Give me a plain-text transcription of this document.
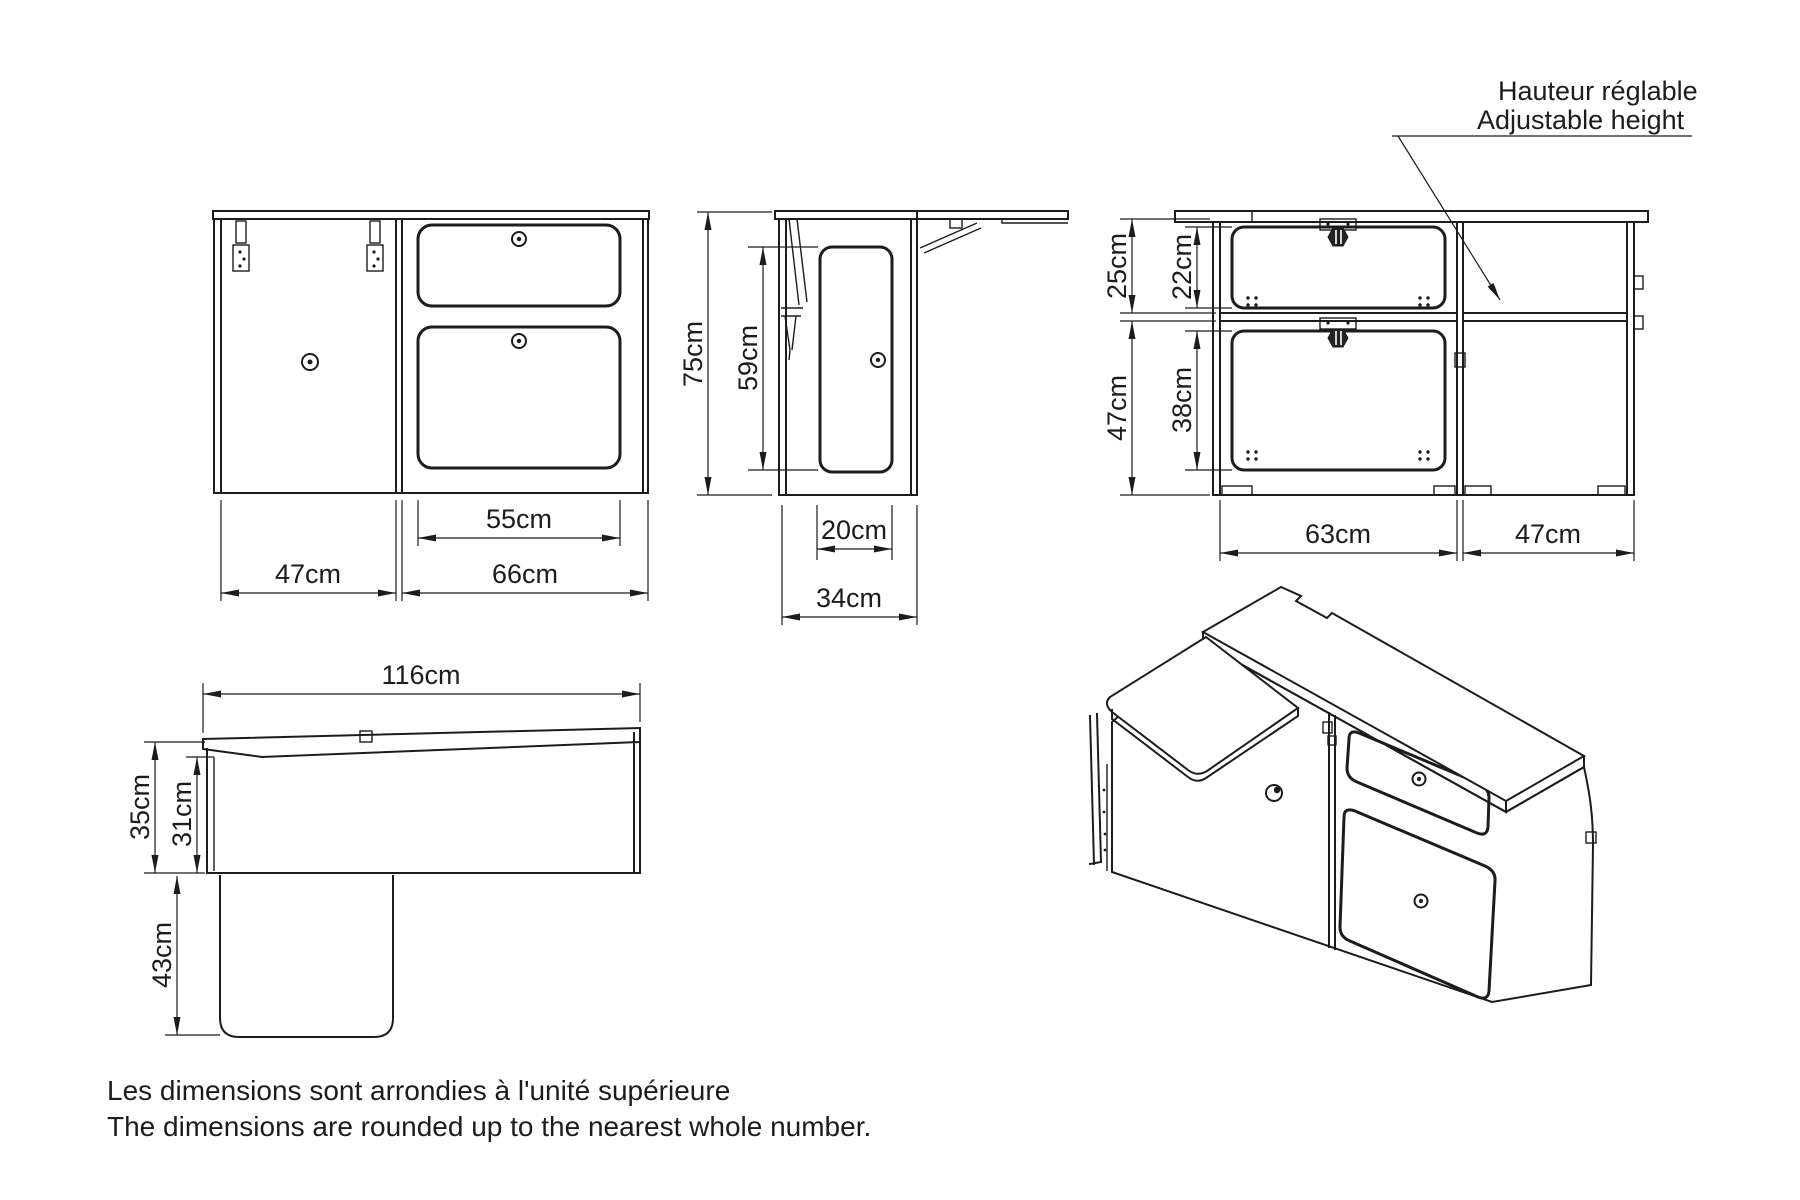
55cm
47cm	66cm
75cm 59cm
20cm
34cm
25cm 22cm
47cm 38cm
63cm	47cm
Hauteur réglable
Adjustable height
116cm
35cm 31cm
43cm
Les dimensions sont arrondies à l'unité supérieure
The dimensions are rounded up to the nearest whole number.
